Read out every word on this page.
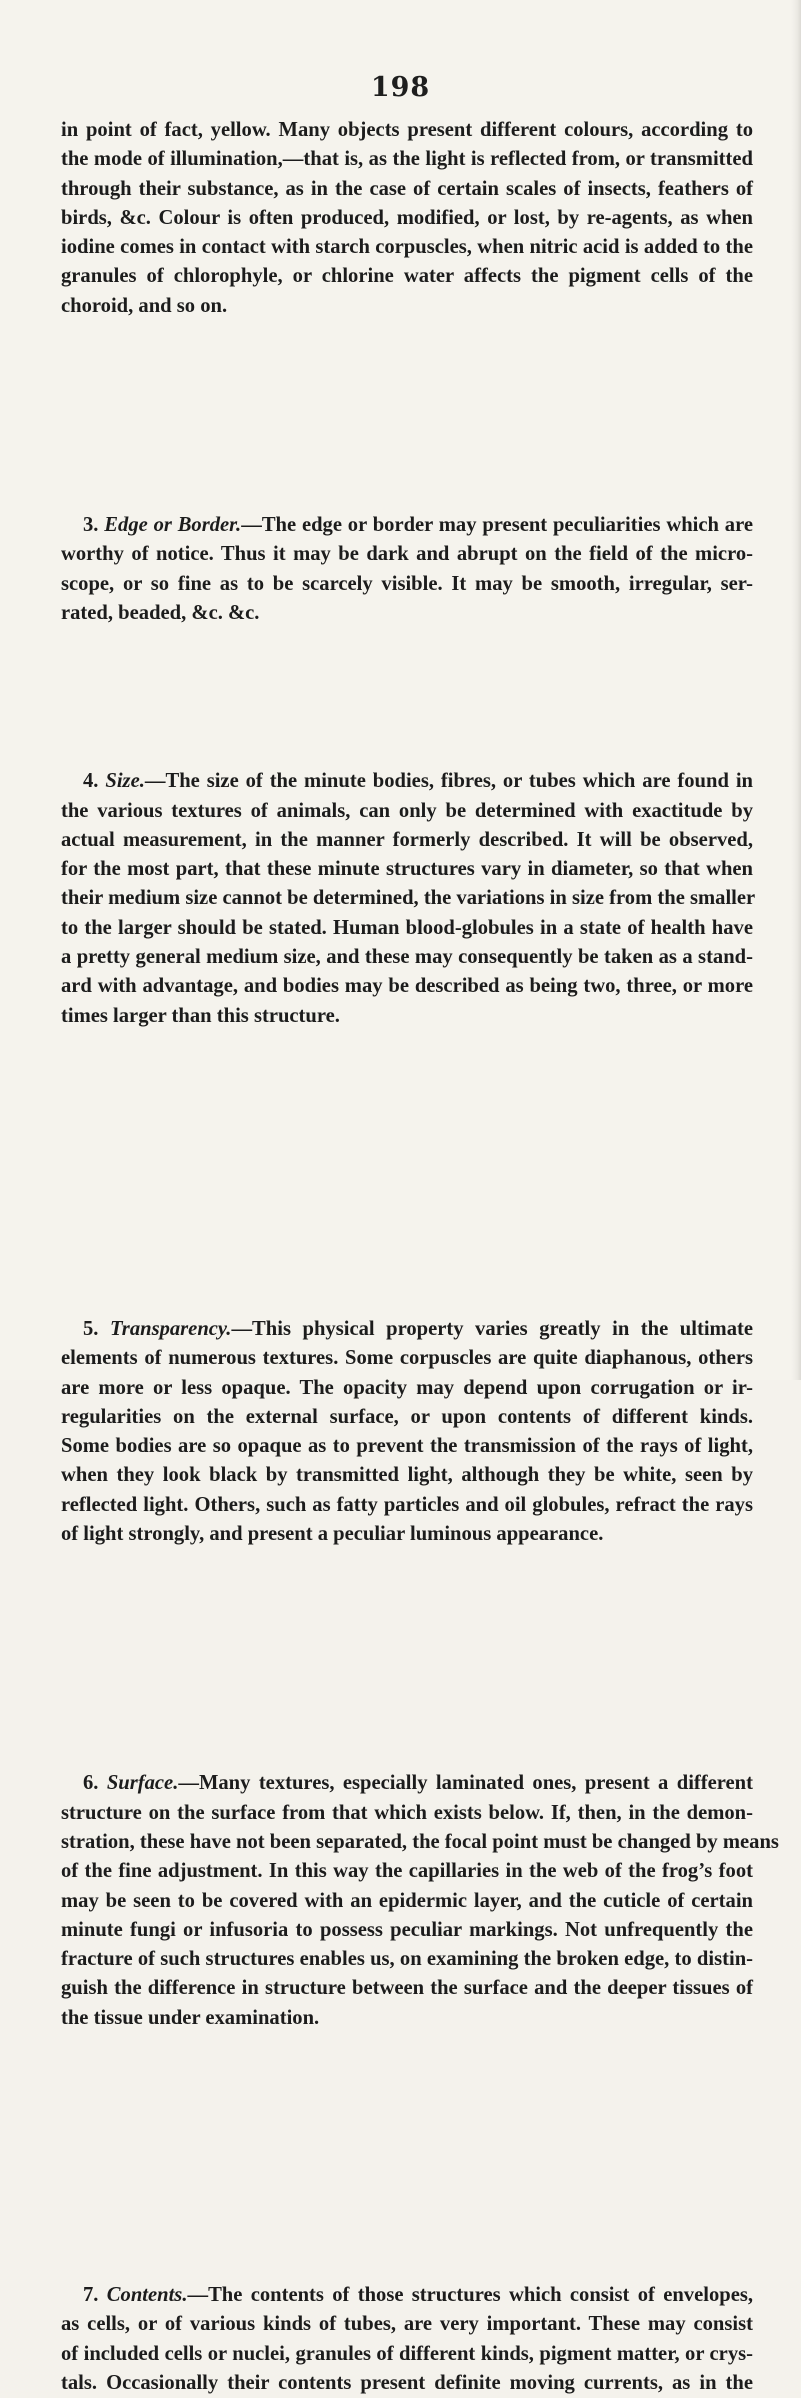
198
in point of fact, yellow. Many objects present different colours, according to
the mode of illumination,—that is, as the light is reflected from, or transmitted
through their substance, as in the case of certain scales of insects, feathers of
birds, &c. Colour is often produced, modified, or lost, by re-agents, as when
iodine comes in contact with starch corpuscles, when nitric acid is added to the
granules of chlorophyle, or chlorine water affects the pigment cells of the
choroid, and so on.
3. Edge or Border.—The edge or border may present peculiarities which are
worthy of notice. Thus it may be dark and abrupt on the field of the micro-
scope, or so fine as to be scarcely visible. It may be smooth, irregular, ser-
rated, beaded, &c. &c.
4. Size.—The size of the minute bodies, fibres, or tubes which are found in
the various textures of animals, can only be determined with exactitude by
actual measurement, in the manner formerly described. It will be observed,
for the most part, that these minute structures vary in diameter, so that when
their medium size cannot be determined, the variations in size from the smaller
to the larger should be stated. Human blood-globules in a state of health have
a pretty general medium size, and these may consequently be taken as a stand-
ard with advantage, and bodies may be described as being two, three, or more
times larger than this structure.
5. Transparency.—This physical property varies greatly in the ultimate
elements of numerous textures. Some corpuscles are quite diaphanous, others
are more or less opaque. The opacity may depend upon corrugation or ir-
regularities on the external surface, or upon contents of different kinds.
Some bodies are so opaque as to prevent the transmission of the rays of light,
when they look black by transmitted light, although they be white, seen by
reflected light. Others, such as fatty particles and oil globules, refract the rays
of light strongly, and present a peculiar luminous appearance.
6. Surface.—Many textures, especially laminated ones, present a different
structure on the surface from that which exists below. If, then, in the demon-
stration, these have not been separated, the focal point must be changed by means
of the fine adjustment. In this way the capillaries in the web of the frog’s foot
may be seen to be covered with an epidermic layer, and the cuticle of certain
minute fungi or infusoria to possess peculiar markings. Not unfrequently the
fracture of such structures enables us, on examining the broken edge, to distin-
guish the difference in structure between the surface and the deeper tissues of
the tissue under examination.
7. Contents.—The contents of those structures which consist of envelopes,
as cells, or of various kinds of tubes, are very important. These may consist
of included cells or nuclei, granules of different kinds, pigment matter, or crys-
tals. Occasionally their contents present definite moving currents, as in the
